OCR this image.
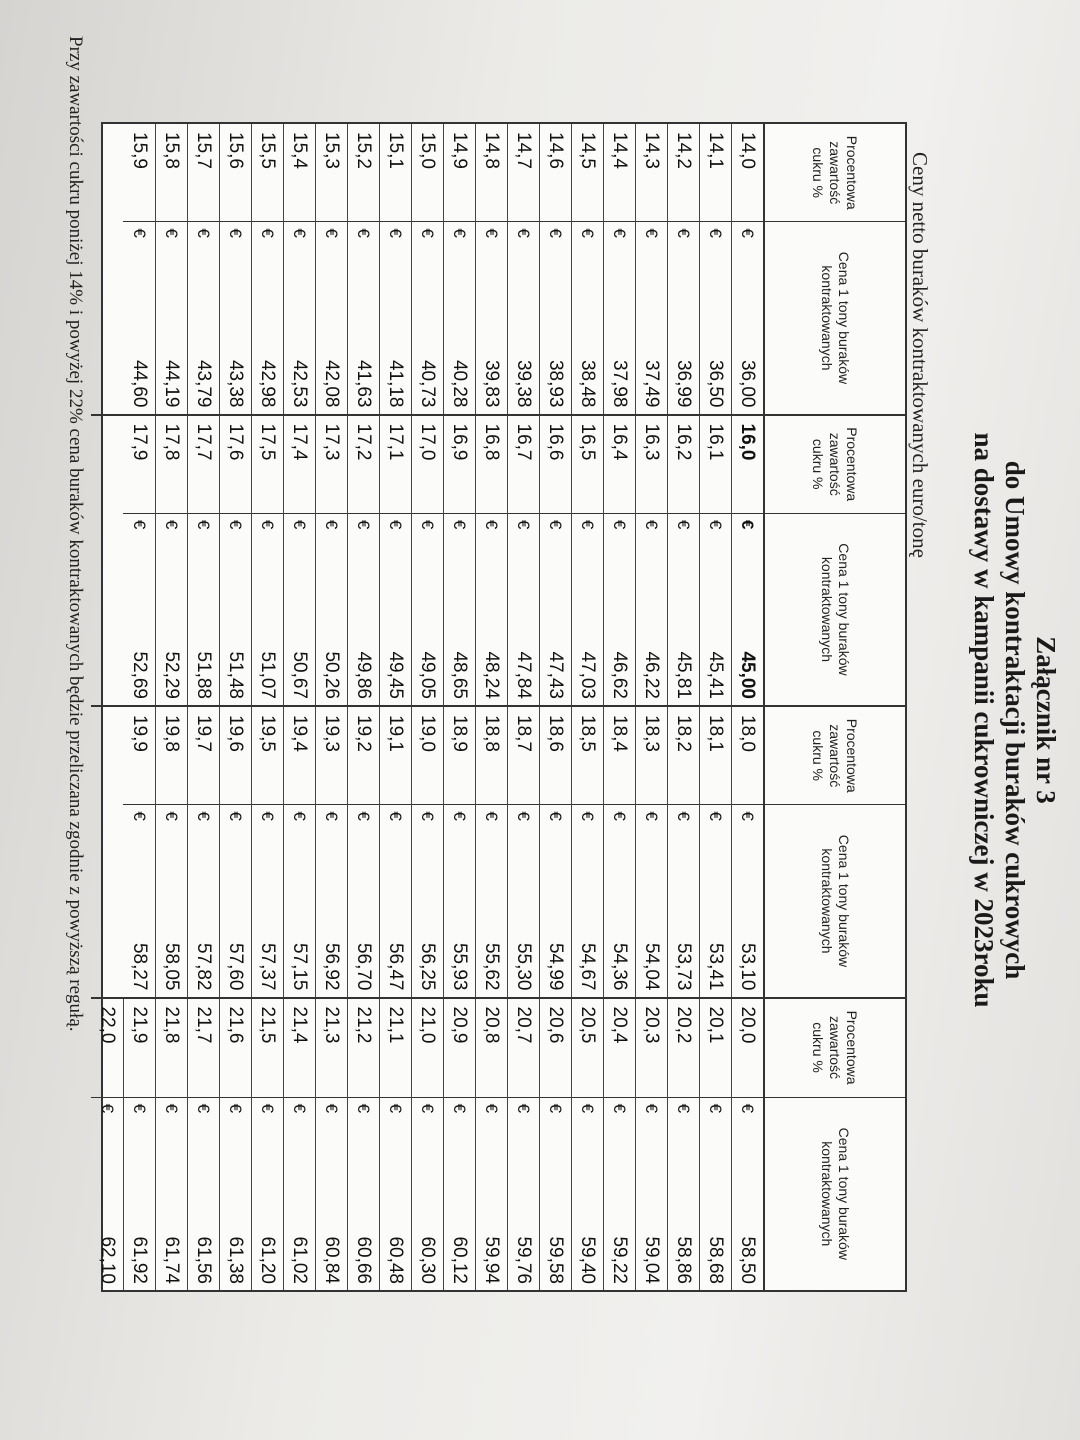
Załącznik nr 3
do Umowy kontraktacji buraków cukrowych
na dostawy w kampanii cukrowniczej w 2023roku
Ceny netto buraków kontraktowanych euro/tonę
Procentowa zawartość cukru %
Cena 1 tony buraków kontraktowanych
14,0
€
36,00
14,1
€
36,50
14,2
€
36,99
14,3
€
37,49
14,4
€
37,98
14,5
€
38,48
14,6
€
38,93
14,7
€
39,38
14,8
€
39,83
14,9
€
40,28
15,0
€
40,73
15,1
€
41,18
15,2
€
41,63
15,3
€
42,08
15,4
€
42,53
15,5
€
42,98
15,6
€
43,38
15,7
€
43,79
15,8
€
44,19
15,9
€
44,60
Procentowa zawartość cukru %
Cena 1 tony buraków kontraktowanych
16,0
€
45,00
16,1
€
45,41
16,2
€
45,81
16,3
€
46,22
16,4
€
46,62
16,5
€
47,03
16,6
€
47,43
16,7
€
47,84
16,8
€
48,24
16,9
€
48,65
17,0
€
49,05
17,1
€
49,45
17,2
€
49,86
17,3
€
50,26
17,4
€
50,67
17,5
€
51,07
17,6
€
51,48
17,7
€
51,88
17,8
€
52,29
17,9
€
52,69
Procentowa zawartość cukru %
Cena 1 tony buraków kontraktowanych
18,0
€
53,10
18,1
€
53,41
18,2
€
53,73
18,3
€
54,04
18,4
€
54,36
18,5
€
54,67
18,6
€
54,99
18,7
€
55,30
18,8
€
55,62
18,9
€
55,93
19,0
€
56,25
19,1
€
56,47
19,2
€
56,70
19,3
€
56,92
19,4
€
57,15
19,5
€
57,37
19,6
€
57,60
19,7
€
57,82
19,8
€
58,05
19,9
€
58,27
Procentowa zawartość cukru %
Cena 1 tony buraków kontraktowanych
20,0
€
58,50
20,1
€
58,68
20,2
€
58,86
20,3
€
59,04
20,4
€
59,22
20,5
€
59,40
20,6
€
59,58
20,7
€
59,76
20,8
€
59,94
20,9
€
60,12
21,0
€
60,30
21,1
€
60,48
21,2
€
60,66
21,3
€
60,84
21,4
€
61,02
21,5
€
61,20
21,6
€
61,38
21,7
€
61,56
21,8
€
61,74
21,9
€
61,92
22,0
€
62,10
Przy zawartości cukru poniżej 14% i powyżej 22% cena buraków kontraktowanych będzie przeliczana zgodnie z powyższą regułą.
